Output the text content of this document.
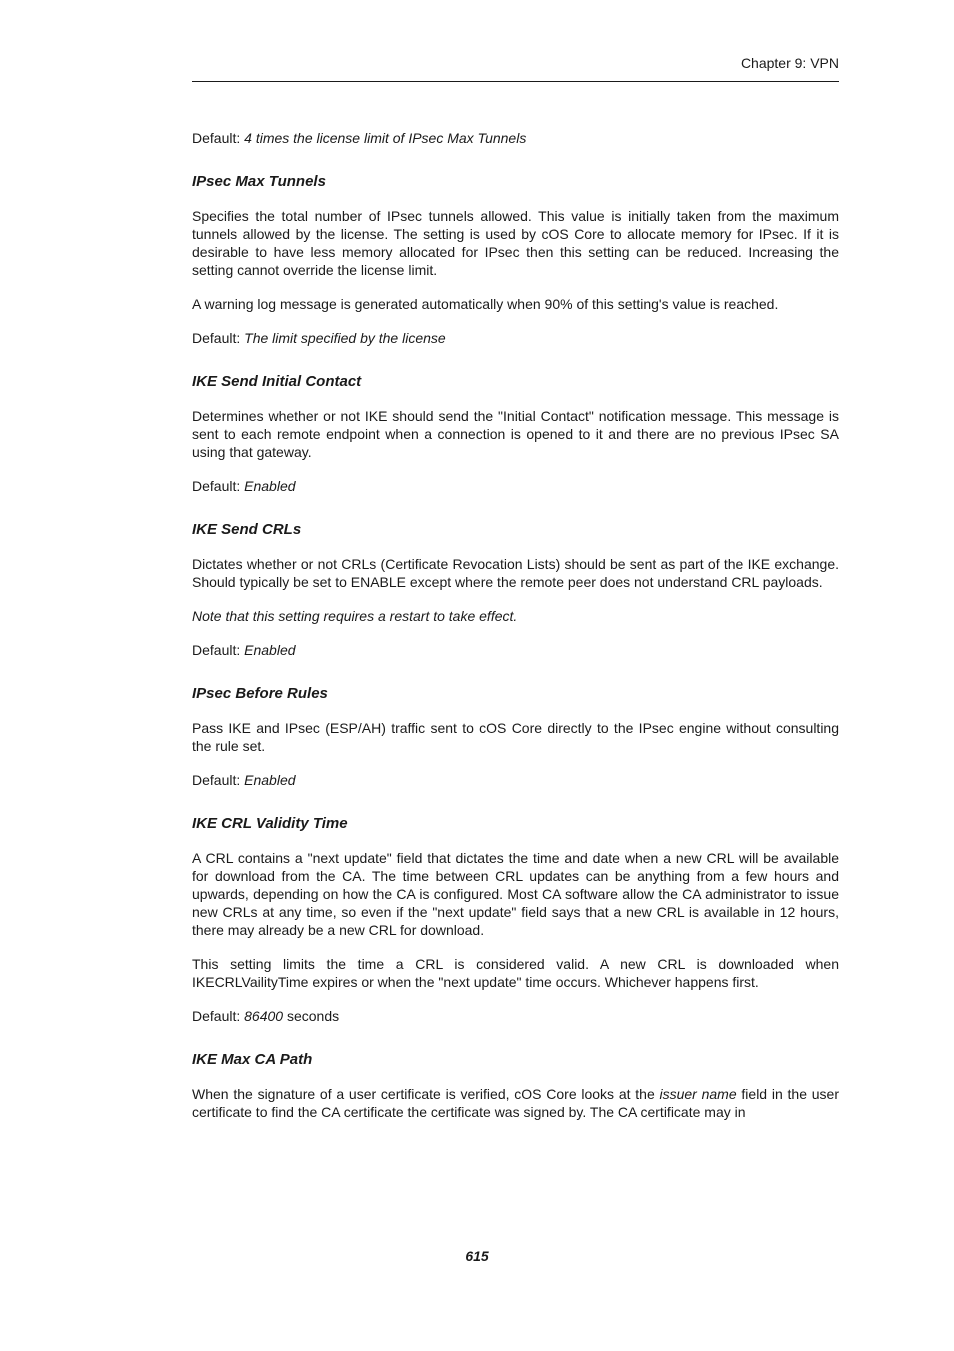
Chapter 9: VPN

Default: 4 times the license limit of IPsec Max Tunnels

IPsec Max Tunnels

Specifies the total number of IPsec tunnels allowed. This value is initially taken from the maximum tunnels allowed by the license. The setting is used by cOS Core to allocate memory for IPsec. If it is desirable to have less memory allocated for IPsec then this setting can be reduced. Increasing the setting cannot override the license limit.

A warning log message is generated automatically when 90% of this setting's value is reached.

Default: The limit specified by the license

IKE Send Initial Contact

Determines whether or not IKE should send the "Initial Contact" notification message. This message is sent to each remote endpoint when a connection is opened to it and there are no previous IPsec SA using that gateway.

Default: Enabled

IKE Send CRLs

Dictates whether or not CRLs (Certificate Revocation Lists) should be sent as part of the IKE exchange. Should typically be set to ENABLE except where the remote peer does not understand CRL payloads.

Note that this setting requires a restart to take effect.

Default: Enabled

IPsec Before Rules

Pass IKE and IPsec (ESP/AH) traffic sent to cOS Core directly to the IPsec engine without consulting the rule set.

Default: Enabled

IKE CRL Validity Time

A CRL contains a "next update" field that dictates the time and date when a new CRL will be available for download from the CA. The time between CRL updates can be anything from a few hours and upwards, depending on how the CA is configured. Most CA software allow the CA administrator to issue new CRLs at any time, so even if the "next update" field says that a new CRL is available in 12 hours, there may already be a new CRL for download.

This setting limits the time a CRL is considered valid. A new CRL is downloaded when IKECRLVailityTime expires or when the "next update" time occurs. Whichever happens first.

Default: 86400 seconds

IKE Max CA Path

When the signature of a user certificate is verified, cOS Core looks at the issuer name field in the user certificate to find the CA certificate the certificate was signed by. The CA certificate may in

615
